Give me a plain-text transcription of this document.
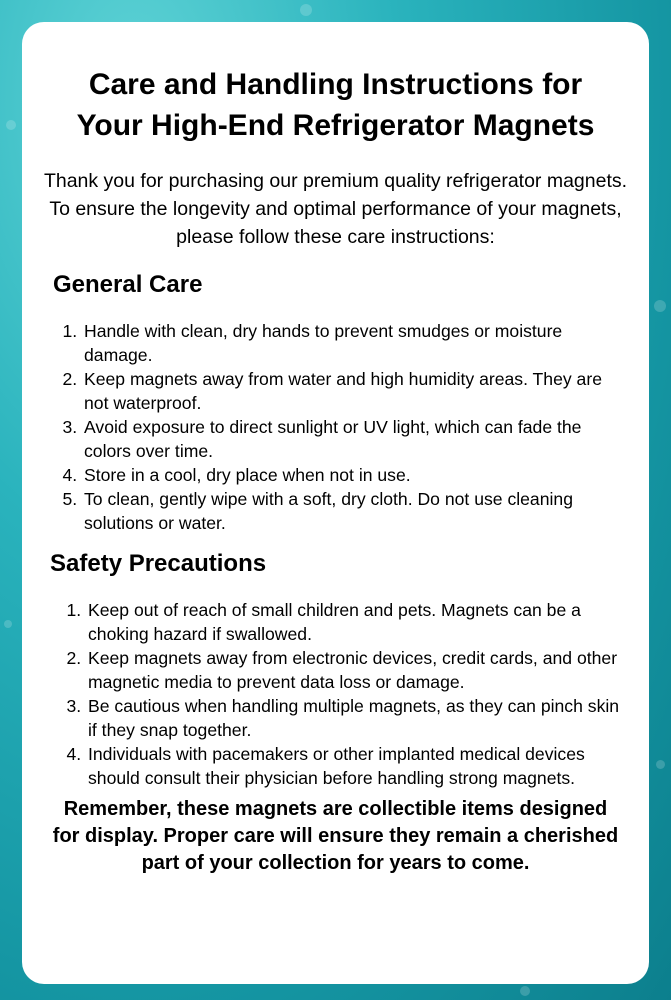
Care and Handling Instructions for Your High-End Refrigerator Magnets

Thank you for purchasing our premium quality refrigerator magnets. To ensure the longevity and optimal performance of your magnets, please follow these care instructions:

General Care
1. Handle with clean, dry hands to prevent smudges or moisture damage.
2. Keep magnets away from water and high humidity areas. They are not waterproof.
3. Avoid exposure to direct sunlight or UV light, which can fade the colors over time.
4. Store in a cool, dry place when not in use.
5. To clean, gently wipe with a soft, dry cloth. Do not use cleaning solutions or water.
Safety Precautions
1. Keep out of reach of small children and pets. Magnets can be a choking hazard if swallowed.
2. Keep magnets away from electronic devices, credit cards, and other magnetic media to prevent data loss or damage.
3. Be cautious when handling multiple magnets, as they can pinch skin if they snap together.
4. Individuals with pacemakers or other implanted medical devices should consult their physician before handling strong magnets.

Remember, these magnets are collectible items designed for display. Proper care will ensure they remain a cherished part of your collection for years to come.
